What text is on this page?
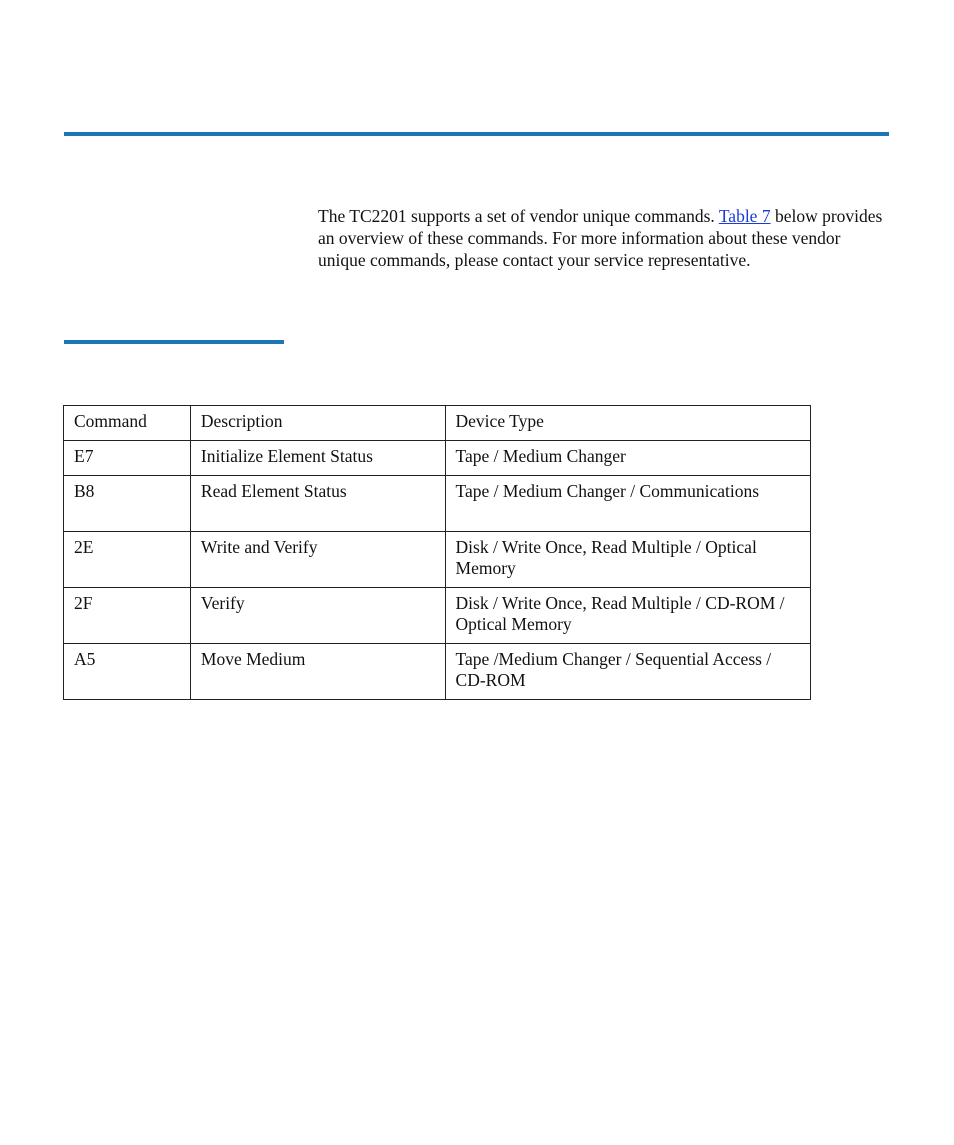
The TC2201 supports a set of vendor unique commands. Table 7 below provides an overview of these commands. For more information about these vendor unique commands, please contact your service representative.

Command	Description	Device Type
E7	Initialize Element Status	Tape / Medium Changer
B8	Read Element Status	Tape / Medium Changer / Communications
2E	Write and Verify	Disk / Write Once, Read Multiple / Optical Memory
2F	Verify	Disk / Write Once, Read Multiple / CD-ROM / Optical Memory
A5	Move Medium	Tape /Medium Changer / Sequential Access / CD-ROM
